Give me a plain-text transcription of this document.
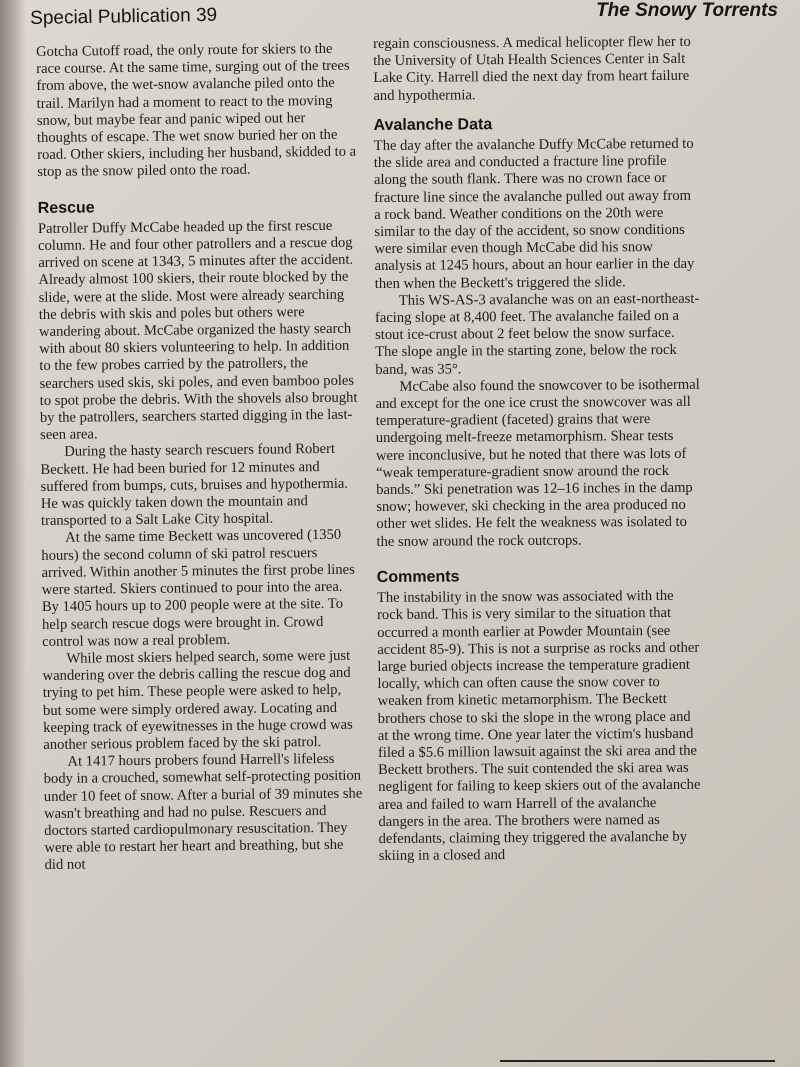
Special Publication 39	The Snowy Torrents

Gotcha Cutoff road, the only route for skiers to the race course. At the same time, surging out of the trees from above, the wet-snow avalanche piled onto the trail. Marilyn had a moment to react to the moving snow, but maybe fear and panic wiped out her thoughts of escape. The wet snow buried her on the road. Other skiers, including her husband, skidded to a stop as the snow piled onto the road.

Rescue

Patroller Duffy McCabe headed up the first rescue column. He and four other patrollers and a rescue dog arrived on scene at 1343, 5 minutes after the accident. Already almost 100 skiers, their route blocked by the slide, were at the slide. Most were already searching the debris with skis and poles but others were wandering about. McCabe organized the hasty search with about 80 skiers volunteering to help. In addition to the few probes carried by the patrollers, the searchers used skis, ski poles, and even bamboo poles to spot probe the debris. With the shovels also brought by the patrollers, searchers started digging in the last-seen area.

During the hasty search rescuers found Robert Beckett. He had been buried for 12 minutes and suffered from bumps, cuts, bruises and hypothermia. He was quickly taken down the mountain and transported to a Salt Lake City hospital.

At the same time Beckett was uncovered (1350 hours) the second column of ski patrol rescuers arrived. Within another 5 minutes the first probe lines were started. Skiers continued to pour into the area. By 1405 hours up to 200 people were at the site. To help search rescue dogs were brought in. Crowd control was now a real problem.

While most skiers helped search, some were just wandering over the debris calling the rescue dog and trying to pet him. These people were asked to help, but some were simply ordered away. Locating and keeping track of eyewitnesses in the huge crowd was another serious problem faced by the ski patrol.

At 1417 hours probers found Harrell's lifeless body in a crouched, somewhat self-protecting position under 10 feet of snow. After a burial of 39 minutes she wasn't breathing and had no pulse. Rescuers and doctors started cardiopulmonary resuscitation. They were able to restart her heart and breathing, but she did not

regain consciousness. A medical helicopter flew her to the University of Utah Health Sciences Center in Salt Lake City. Harrell died the next day from heart failure and hypothermia.

Avalanche Data

The day after the avalanche Duffy McCabe returned to the slide area and conducted a fracture line profile along the south flank. There was no crown face or fracture line since the avalanche pulled out away from a rock band. Weather conditions on the 20th were similar to the day of the accident, so snow conditions were similar even though McCabe did his snow analysis at 1245 hours, about an hour earlier in the day then when the Beckett's triggered the slide.

This WS-AS-3 avalanche was on an east-northeast-facing slope at 8,400 feet. The avalanche failed on a stout ice-crust about 2 feet below the snow surface. The slope angle in the starting zone, below the rock band, was 35°.

McCabe also found the snowcover to be isothermal and except for the one ice crust the snowcover was all temperature-gradient (faceted) grains that were undergoing melt-freeze metamorphism. Shear tests were inconclusive, but he noted that there was lots of “weak temperature-gradient snow around the rock bands.” Ski penetration was 12–16 inches in the damp snow; however, ski checking in the area produced no other wet slides. He felt the weakness was isolated to the snow around the rock outcrops.

Comments

The instability in the snow was associated with the rock band. This is very similar to the situation that occurred a month earlier at Powder Mountain (see accident 85-9). This is not a surprise as rocks and other large buried objects increase the temperature gradient locally, which can often cause the snow cover to weaken from kinetic metamorphism. The Beckett brothers chose to ski the slope in the wrong place and at the wrong time. One year later the victim's husband filed a $5.6 million lawsuit against the ski area and the Beckett brothers. The suit contended the ski area was negligent for failing to keep skiers out of the avalanche area and failed to warn Harrell of the avalanche dangers in the area. The brothers were named as defendants, claiming they triggered the avalanche by skiing in a closed and
